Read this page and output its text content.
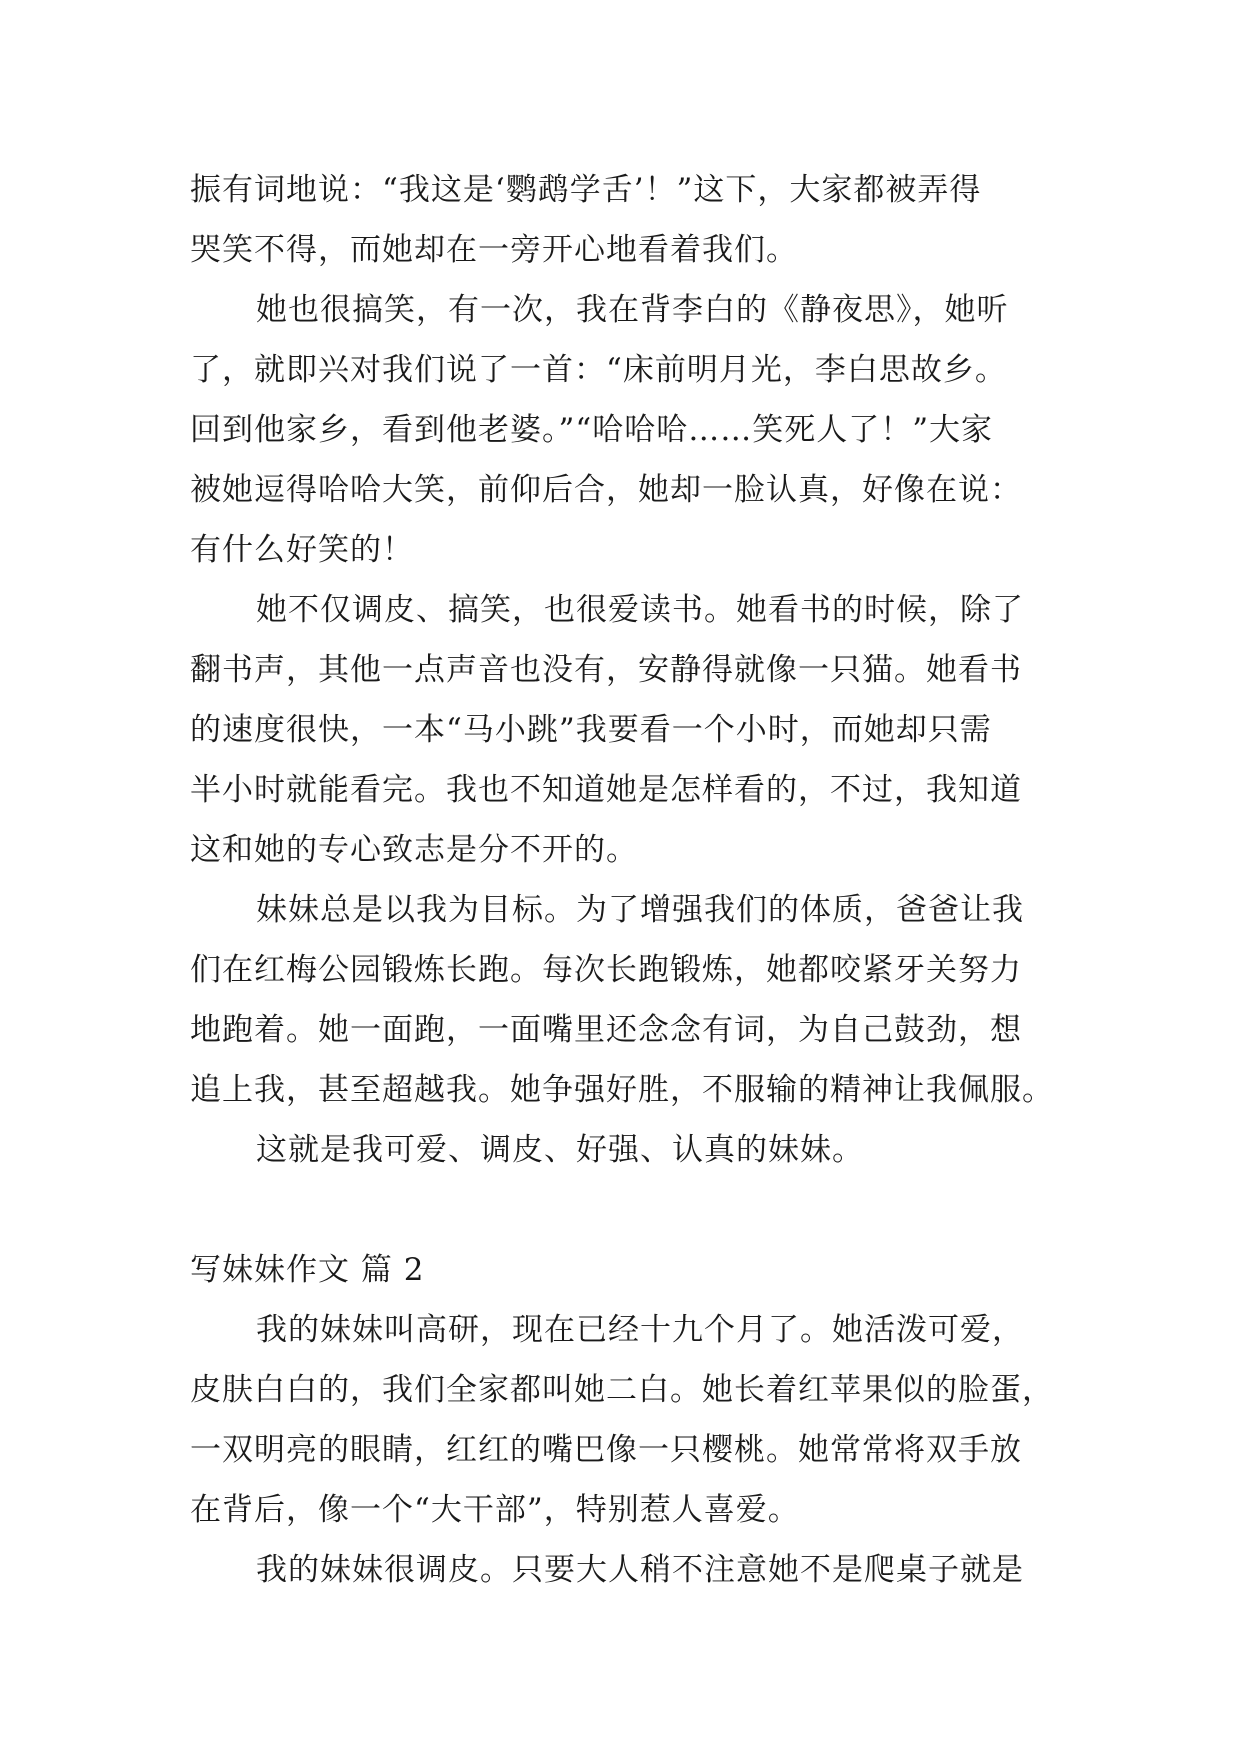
振有词地说：“我这是‘鹦鹉学舌’！”这下，大家都被弄得
哭笑不得，而她却在一旁开心地看着我们。
她也很搞笑，有一次，我在背李白的《静夜思》，她听
了，就即兴对我们说了一首：“床前明月光，李白思故乡。
回到他家乡，看到他老婆。”“哈哈哈……笑死人了！”大家
被她逗得哈哈大笑，前仰后合，她却一脸认真，好像在说：
有什么好笑的！
她不仅调皮、搞笑，也很爱读书。她看书的时候，除了
翻书声，其他一点声音也没有，安静得就像一只猫。她看书
的速度很快，一本“马小跳”我要看一个小时，而她却只需
半小时就能看完。我也不知道她是怎样看的，不过，我知道
这和她的专心致志是分不开的。
妹妹总是以我为目标。为了增强我们的体质，爸爸让我
们在红梅公园锻炼长跑。每次长跑锻炼，她都咬紧牙关努力
地跑着。她一面跑，一面嘴里还念念有词，为自己鼓劲，想
追上我，甚至超越我。她争强好胜，不服输的精神让我佩服。
这就是我可爱、调皮、好强、认真的妹妹。
写妹妹作文 篇 2
我的妹妹叫高研，现在已经十九个月了。她活泼可爱，
皮肤白白的，我们全家都叫她二白。她长着红苹果似的脸蛋，
一双明亮的眼睛，红红的嘴巴像一只樱桃。她常常将双手放
在背后，像一个“大干部”，特别惹人喜爱。
我的妹妹很调皮。只要大人稍不注意她不是爬桌子就是
